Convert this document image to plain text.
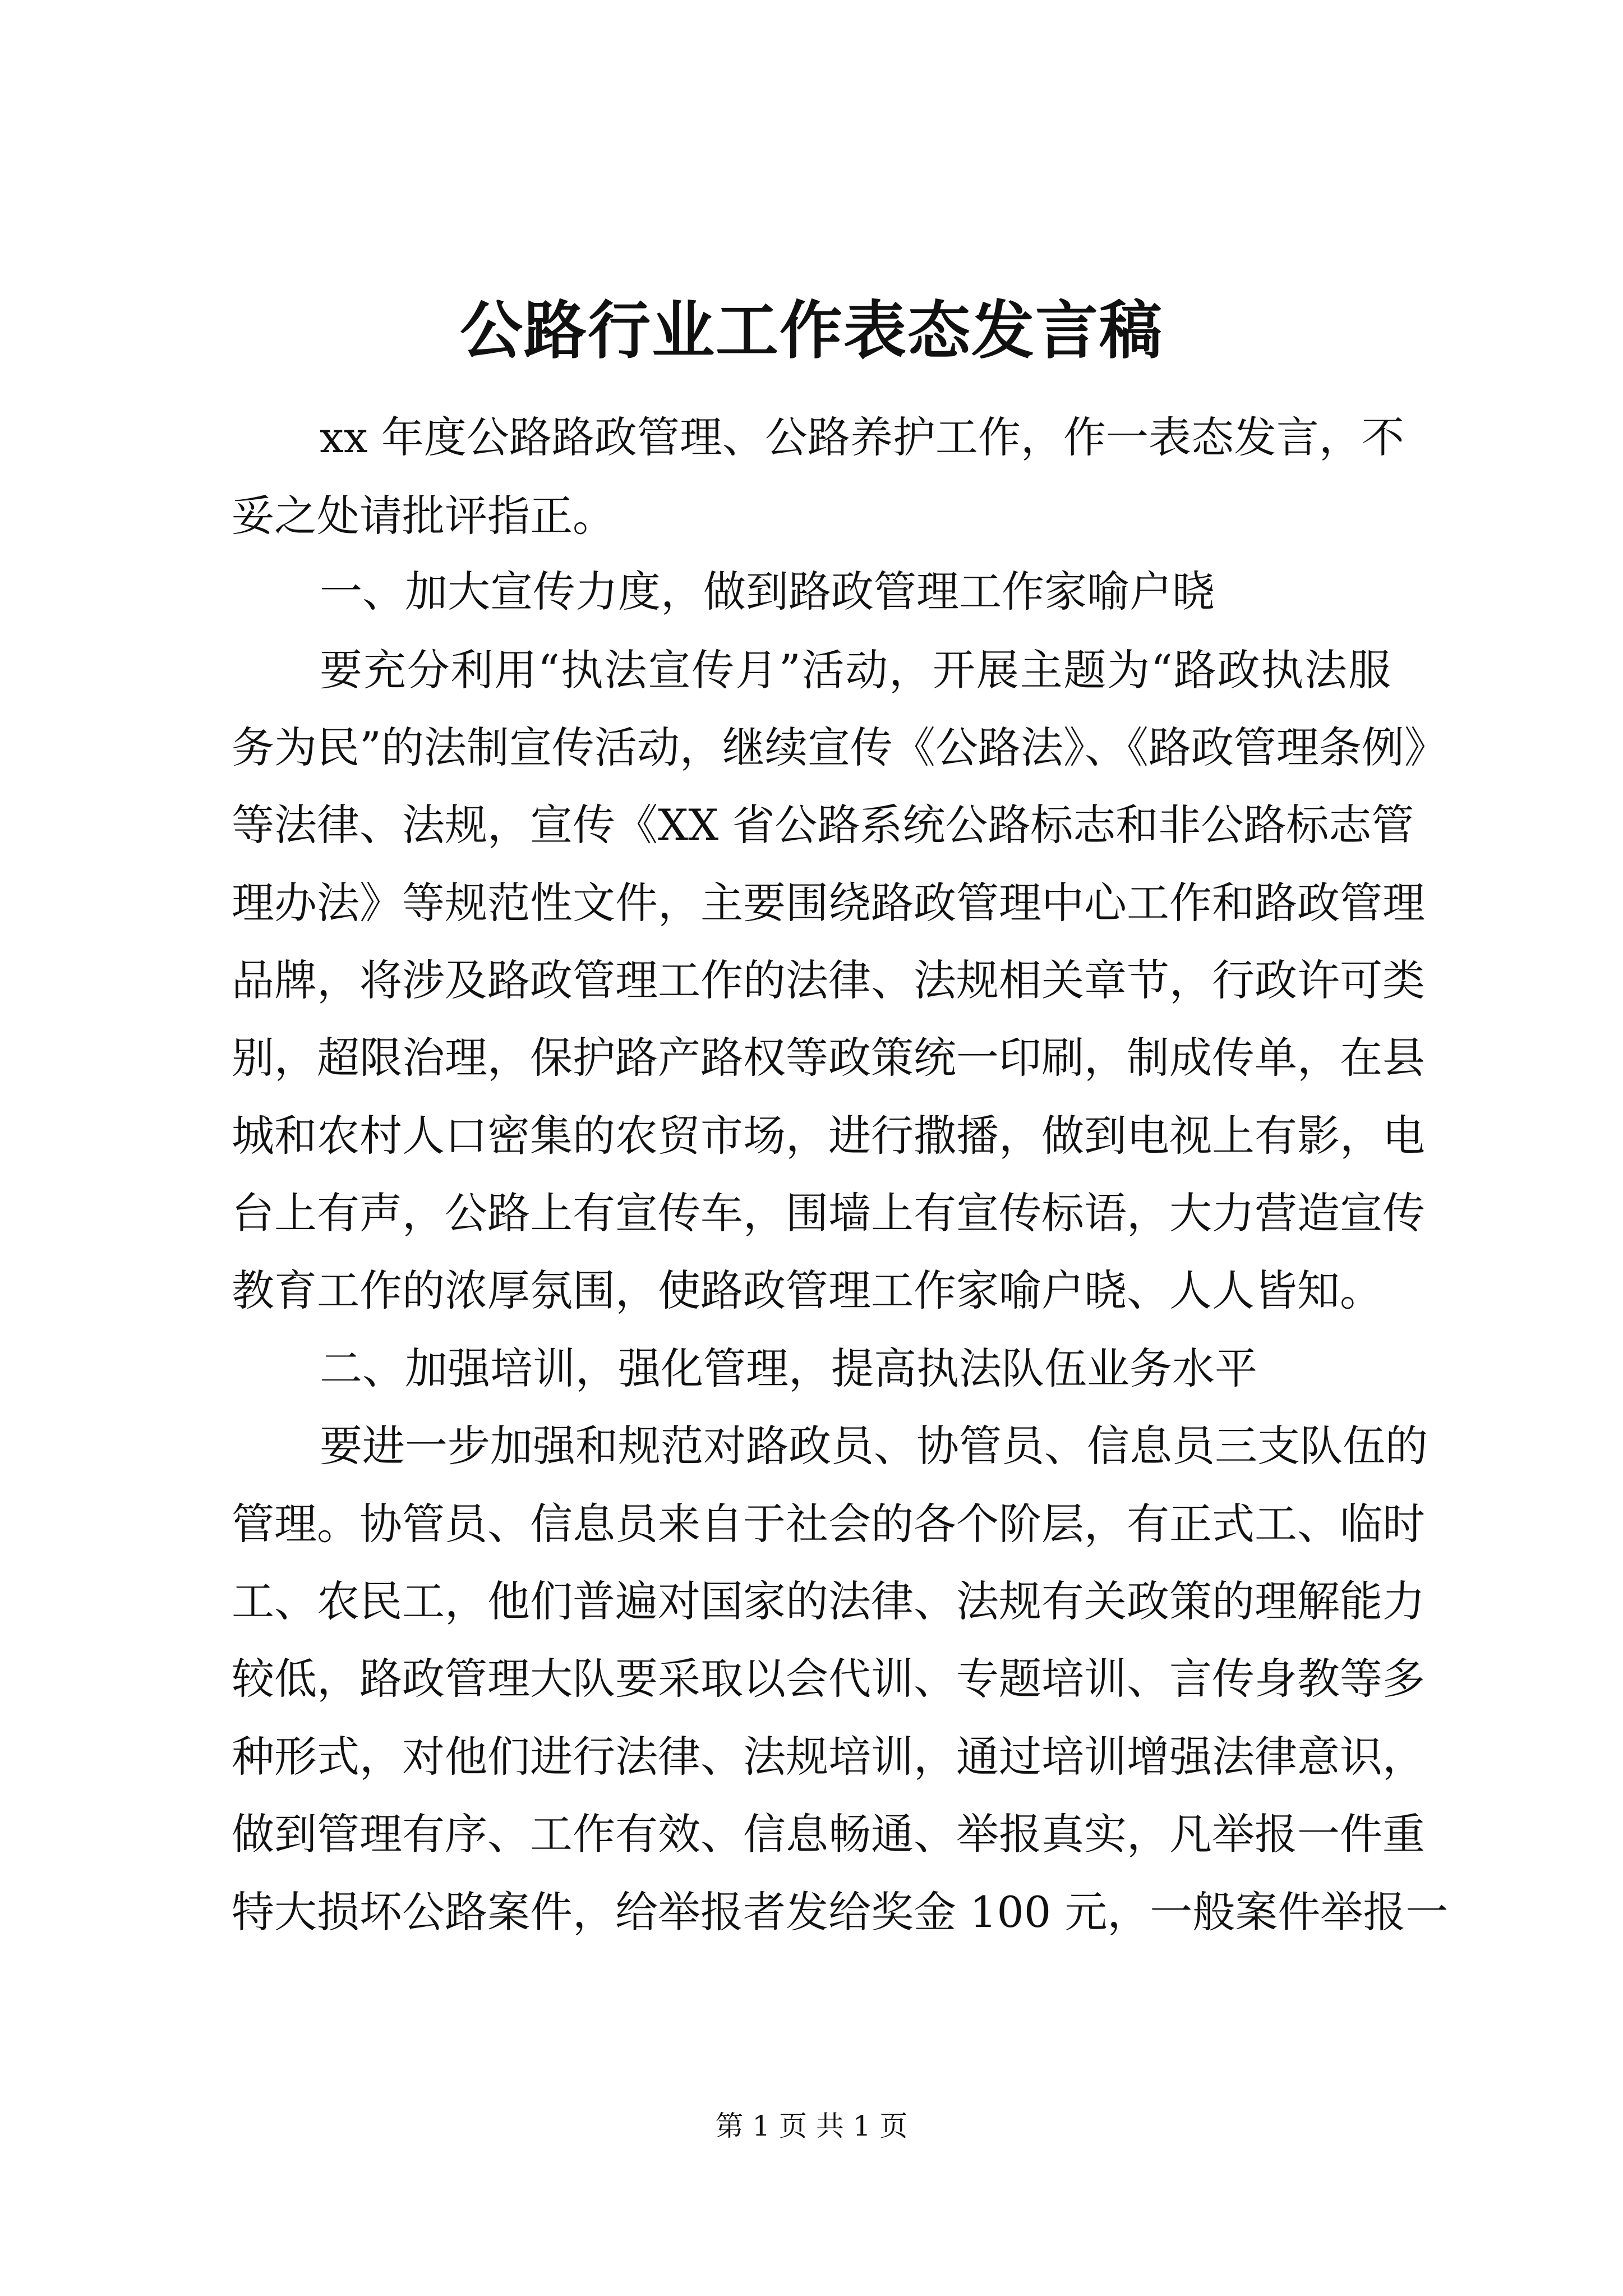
公路行业工作表态发言稿
xx 年度公路路政管理、公路养护工作，作一表态发言，不
妥之处请批评指正。
一、加大宣传力度，做到路政管理工作家喻户晓
要充分利用“执法宣传月”活动，开展主题为“路政执法服
务为民”的法制宣传活动，继续宣传《公路法》、《路政管理条例》
等法律、法规，宣传《XX 省公路系统公路标志和非公路标志管
理办法》等规范性文件，主要围绕路政管理中心工作和路政管理
品牌，将涉及路政管理工作的法律、法规相关章节，行政许可类
别，超限治理，保护路产路权等政策统一印刷，制成传单，在县
城和农村人口密集的农贸市场，进行撒播，做到电视上有影，电
台上有声，公路上有宣传车，围墙上有宣传标语，大力营造宣传
教育工作的浓厚氛围，使路政管理工作家喻户晓、人人皆知。
二、加强培训，强化管理，提高执法队伍业务水平
要进一步加强和规范对路政员、协管员、信息员三支队伍的
管理。协管员、信息员来自于社会的各个阶层，有正式工、临时
工、农民工，他们普遍对国家的法律、法规有关政策的理解能力
较低，路政管理大队要采取以会代训、专题培训、言传身教等多
种形式，对他们进行法律、法规培训，通过培训增强法律意识，
做到管理有序、工作有效、信息畅通、举报真实，凡举报一件重
特大损坏公路案件，给举报者发给奖金 100 元，一般案件举报一
第 1 页 共 1 页
